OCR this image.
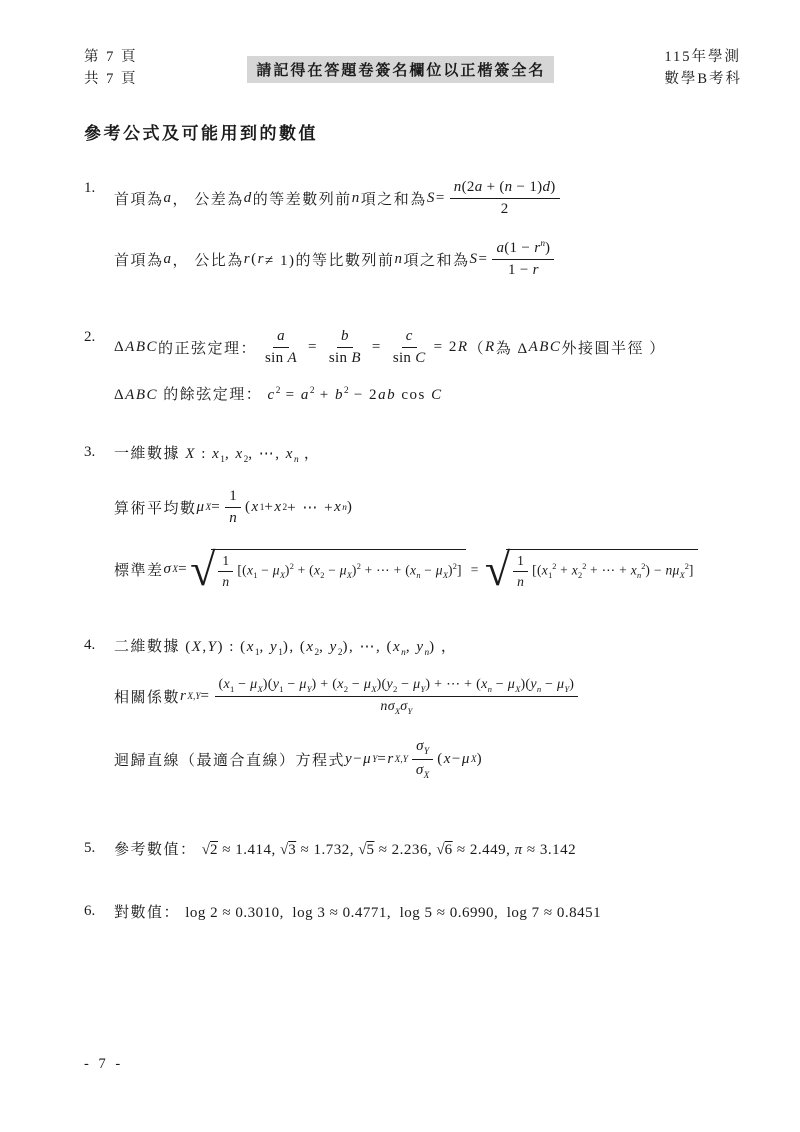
第 7 頁
共 7 頁
請記得在答題卷簽名欄位以正楷簽全名
115年學測
數學B考科
參考公式及可能用到的數值
1.
首項為 a ， 公差為 d 的等差數列前 n 項之和為 $S = \frac{n(2a + (n - 1)d)}{2}$
首項為 a ， 公比為 r ( r ≠ 1)的等比數列前 n 項之和為 $S = \frac{a(1 - r^n)}{1 - r}$
2.
Δ ABC 的正弦定理： $\frac{a}{\text{sin A}} = \frac{b}{\text{sin B}} = \frac{c}{\text{sin C}} = 2$ R （ R 為 Δ ABC 外接圓半徑 ）
ΔABC 的餘弦定理： $c^2 = a^2 + b^2 - 2ab$ cos C
3.	一維數據 X : $x_1$, $x_2$, ⋯, $x_n$ ，
算術平均數 μ $X = \frac{1}{n}$ ( x 1 + x 2 + ⋯ + x n )
標準差 σ X = √ $\frac{1}{n} [(x_1 - \mu_X)^2 + (x_2 - \mu_X)^2$ + ⋯ + $(x_n - \mu_X)^2$] = √ $\frac{1}{n} [(x_1^2 + x_2^2$ + ⋯ + $x_n^2) - n\mu_X^2$]
4.	二維數據 (X,Y) : ($x_1$, $y_1$), ($x_2$, $y_2$), ⋯, ($x_n$, $y_n$) ，
相關係數 r X,Y =
$(x_1 - \mu_X)(y_1 - \mu_Y) + (x_2 - \mu_X)(y_2 - \mu_Y)$ + ⋯ + $(x_n - \mu_X)(y_n - \mu_Y)$
$n\sigma_X\sigma_Y$
迴歸直線（最適合直線）方程式 y − μ Y = r $X,Y \frac{\sigma_Y}{\sigma_X}$ ( x − μ X )
5.	參考數值： √2 ≈ 1.414, √3 ≈ 1.732, √5 ≈ 2.236, √6 ≈ 2.449, π ≈ 3.142
6.	對數值： log 2 ≈ 0.3010,  log 3 ≈ 0.4771,  log 5 ≈ 0.6990,  log 7 ≈ 0.8451
- 7 -
